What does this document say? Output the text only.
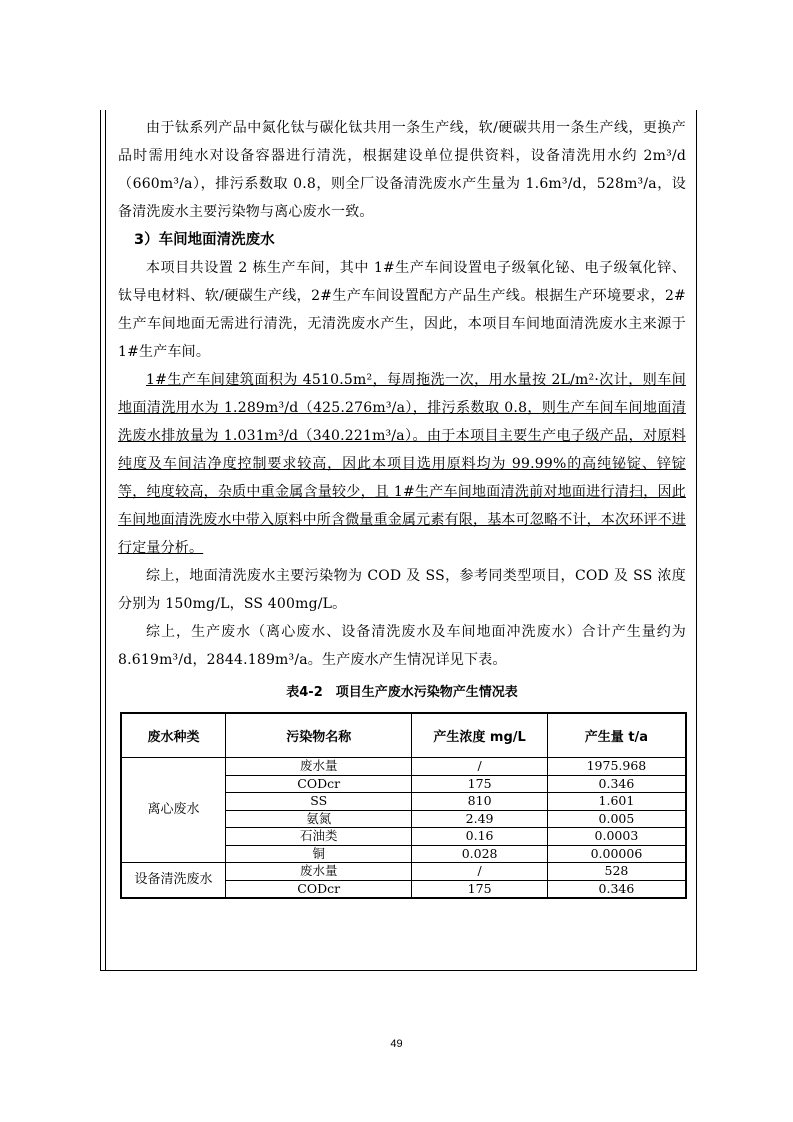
由于钛系列产品中氮化钛与碳化钛共用一条生产线，软/硬碳共用一条生产线，更换产品时需用纯水对设备容器进行清洗，根据建设单位提供资料，设备清洗用水约 2m³/d（660m³/a），排污系数取 0.8，则全厂设备清洗废水产生量为 1.6m³/d，528m³/a，设备清洗废水主要污染物与离心废水一致。

3）车间地面清洗废水

本项目共设置 2 栋生产车间，其中 1#生产车间设置电子级氧化铋、电子级氧化锌、钛导电材料、软/硬碳生产线，2#生产车间设置配方产品生产线。根据生产环境要求，2#生产车间地面无需进行清洗，无清洗废水产生，因此，本项目车间地面清洗废水主来源于 1#生产车间。

1#生产车间建筑面积为 4510.5m²，每周拖洗一次，用水量按 2L/m²·次计，则车间地面清洗用水为 1.289m³/d（425.276m³/a），排污系数取 0.8，则生产车间车间地面清洗废水排放量为 1.031m³/d（340.221m³/a）。由于本项目主要生产电子级产品，对原料纯度及车间洁净度控制要求较高，因此本项目选用原料均为 99.99%的高纯铋锭、锌锭等，纯度较高，杂质中重金属含量较少，且 1#生产车间地面清洗前对地面进行清扫，因此车间地面清洗废水中带入原料中所含微量重金属元素有限，基本可忽略不计，本次环评不进行定量分析。

综上，地面清洗废水主要污染物为 COD 及 SS，参考同类型项目，COD 及 SS 浓度分别为 150mg/L，SS 400mg/L。

综上，生产废水（离心废水、设备清洗废水及车间地面冲洗废水）合计产生量约为 8.619m³/d，2844.189m³/a。生产废水产生情况详见下表。

表4-2　项目生产废水污染物产生情况表
废水种类	污染物名称	产生浓度 mg/L	产生量 t/a
离心废水	废水量	/	1975.968
	CODcr	175	0.346
	SS	810	1.601
	氨氮	2.49	0.005
	石油类	0.16	0.0003
	铜	0.028	0.00006
设备清洗废水	废水量	/	528
	CODcr	175	0.346
49
